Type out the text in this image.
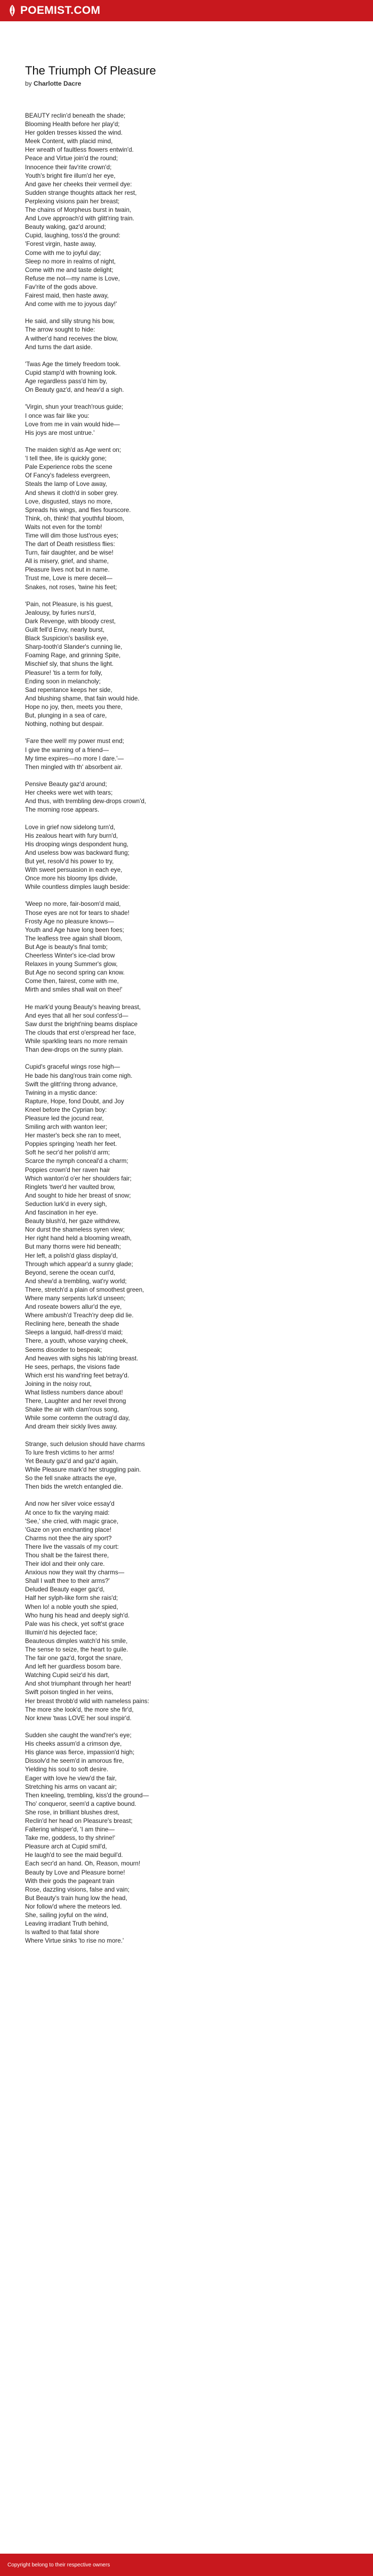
POEMIST.COM
The Triumph Of Pleasure
by Charlotte Dacre
BEAUTY reclin'd beneath the shade;
Blooming Health before her play'd;
Her golden tresses kissed the wind.
Meek Content, with placid mind,
Her wreath of faultless flowers entwin'd.
Peace and Virtue join'd the round;
Innocence their fav'rite crown'd;
Youth's bright fire illum'd her eye,
And gave her cheeks their vermeil dye:
Sudden strange thoughts attack her rest,
Perplexing visions pain her breast;
The chains of Morpheus burst in twain,
And Love approach'd with glitt'ring train.
Beauty waking, gaz'd around;
Cupid, laughing, toss'd the ground:
'Forest virgin, haste away,
Come with me to joyful day;
Sleep no more in realms of night,
Come with me and taste delight;
Refuse me not—my name is Love,
Fav'rite of the gods above.
Fairest maid, then haste away,
And come with me to joyous day!'
He said, and slily strung his bow,
The arrow sought to hide:
A wither'd hand receives the blow,
And turns the dart aside.
'Twas Age the timely freedom took.
Cupid stamp'd with frowning look.
Age regardless pass'd him by,
On Beauty gaz'd, and heav'd a sigh.
'Virgin, shun your treach'rous guide;
I once was fair like you:
Love from me in vain would hide—
His joys are most untrue.'
The maiden sigh'd as Age went on;
'I tell thee, life is quickly gone;
Pale Experience robs the scene
Of Fancy's fadeless evergreen,
Steals the lamp of Love away,
And shews it cloth'd in sober grey.
Love, disgusted, stays no more,
Spreads his wings, and flies fourscore.
Think, oh, think! that youthful bloom,
Waits not even for the tomb!
Time will dim those lust'rous eyes;
The dart of Death resistless flies:
Turn, fair daughter, and be wise!
All is misery, grief, and shame,
Pleasure lives not but in name.
Trust me, Love is mere deceit—
Snakes, not roses, 'twine his feet;
'Pain, not Pleasure, is his guest,
Jealousy, by furies nurs'd,
Dark Revenge, with bloody crest,
Guilt fell'd Envy, nearly burst,
Black Suspicion's basilisk eye,
Sharp-tooth'd Slander's cunning lie,
Foaming Rage, and grinning Spite,
Mischief sly, that shuns the light.
Pleasure! 'tis a term for folly,
Ending soon in melancholy;
Sad repentance keeps her side,
And blushing shame, that fain would hide.
Hope no joy, then, meets you there,
But, plunging in a sea of care,
Nothing, nothing but despair.
'Fare thee well! my power must end;
I give the warning of a friend—
My time expires—no more I dare.'—
Then mingled with th' absorbent air.
Pensive Beauty gaz'd around;
Her cheeks were wet with tears;
And thus, with trembling dew-drops crown'd,
The morning rose appears.
Love in grief now sidelong turn'd,
His zealous heart with fury burn'd,
His drooping wings despondent hung,
And useless bow was backward flung;
But yet, resolv'd his power to try,
With sweet persuasion in each eye,
Once more his bloomy lips divide,
While countless dimples laugh beside:
'Weep no more, fair-bosom'd maid,
Those eyes are not for tears to shade!
Frosty Age no pleasure knows—
Youth and Age have long been foes;
The leafless tree again shall bloom,
But Age is beauty's final tomb;
Cheerless Winter's ice-clad brow
Relaxes in young Summer's glow,
But Age no second spring can know.
Come then, fairest, come with me,
Mirth and smiles shall wait on thee!'
He mark'd young Beauty's heaving breast,
And eyes that all her soul confess'd—
Saw durst the bright'ning beams displace
The clouds that erst o'erspread her face,
While sparkling tears no more remain
Than dew-drops on the sunny plain.
Cupid's graceful wings rose high—
He bade his dang'rous train come nigh.
Swift the glitt'ring throng advance,
Twining in a mystic dance:
Rapture, Hope, fond Doubt, and Joy
Kneel before the Cyprian boy:
Pleasure led the jocund rear,
Smiling arch with wanton leer;
Her master's beck she ran to meet,
Poppies springing 'neath her feet.
Soft he secr'd her polish'd arm;
Scarce the nymph conceal'd a charm;
Poppies crown'd her raven hair
Which wanton'd o'er her shoulders fair;
Ringlets 'twer'd her vaulted brow,
And sought to hide her breast of snow;
Seduction lurk'd in every sigh,
And fascination in her eye.
Beauty blush'd, her gaze withdrew,
Nor durst the shameless syren view;
Her right hand held a blooming wreath,
But many thorns were hid beneath;
Her left, a polish'd glass display'd,
Through which appear'd a sunny glade;
Beyond, serene the ocean curl'd,
And shew'd a trembling, wat'ry world;
There, stretch'd a plain of smoothest green,
Where many serpents lurk'd unseen;
And roseate bowers allur'd the eye,
Where ambush'd Treach'ry deep did lie.
Reclining here, beneath the shade
Sleeps a languid, half-dress'd maid;
There, a youth, whose varying cheek,
Seems disorder to bespeak;
And heaves with sighs his lab'ring breast.
He sees, perhaps, the visions fade
Which erst his wand'ring feet betray'd.
Joining in the noisy rout,
What listless numbers dance about!
There, Laughter and her revel throng
Shake the air with clam'rous song,
While some contemn the outrag'd day,
And dream their sickly lives away.
Strange, such delusion should have charms
To lure fresh victims to her arms!
Yet Beauty gaz'd and gaz'd again,
While Pleasure mark'd her struggling pain.
So the fell snake attracts the eye,
Then bids the wretch entangled die.
And now her silver voice essay'd
At once to fix the varying maid:
'See,' she cried, with magic grace,
'Gaze on yon enchanting place!
Charms not thee the airy sport?
There live the vassals of my court:
Thou shalt be the fairest there,
Their idol and their only care.
Anxious now they wait thy charms—
Shall I waft thee to their arms?'
Deluded Beauty eager gaz'd,
Half her sylph-like form she rais'd;
When lo! a noble youth she spied,
Who hung his head and deeply sigh'd.
Pale was his check, yet soft'st grace
Illumin'd his dejected face;
Beauteous dimples watch'd his smile,
The sense to seize, the heart to guile.
The fair one gaz'd, forgot the snare,
And left her guardless bosom bare.
Watching Cupid seiz'd his dart,
And shot triumphant through her heart!
Swift poison tingled in her veins,
Her breast throbb'd wild with nameless pains:
The more she look'd, the more she fir'd,
Nor knew 'twas LOVE her soul inspir'd.
Sudden she caught the wand'rer's eye;
His cheeks assum'd a crimson dye,
His glance was fierce, impassion'd high;
Dissolv'd he seem'd in amorous fire,
Yielding his soul to soft desire.
Eager with love he view'd the fair,
Stretching his arms on vacant air;
Then kneeling, trembling, kiss'd the ground—
Tho' conqueror, seem'd a captive bound.
She rose, in brilliant blushes drest,
Reclin'd her head on Pleasure's breast;
Faltering whisper'd, 'I am thine—
Take me, goddess, to thy shrine!'
Pleasure arch at Cupid smil'd,
He laugh'd to see the maid beguil'd.
Each secr'd an hand. Oh, Reason, mourn!
Beauty by Love and Pleasure borne!
With their gods the pageant train
Rose, dazzling visions, false and vain;
But Beauty's train hung low the head,
Nor follow'd where the meteors led.
She, sailing joyful on the wind,
Leaving irradiant Truth behind,
Is wafted to that fatal shore
Where Virtue sinks 'to rise no more.'
Copyright belong to their respective owners
